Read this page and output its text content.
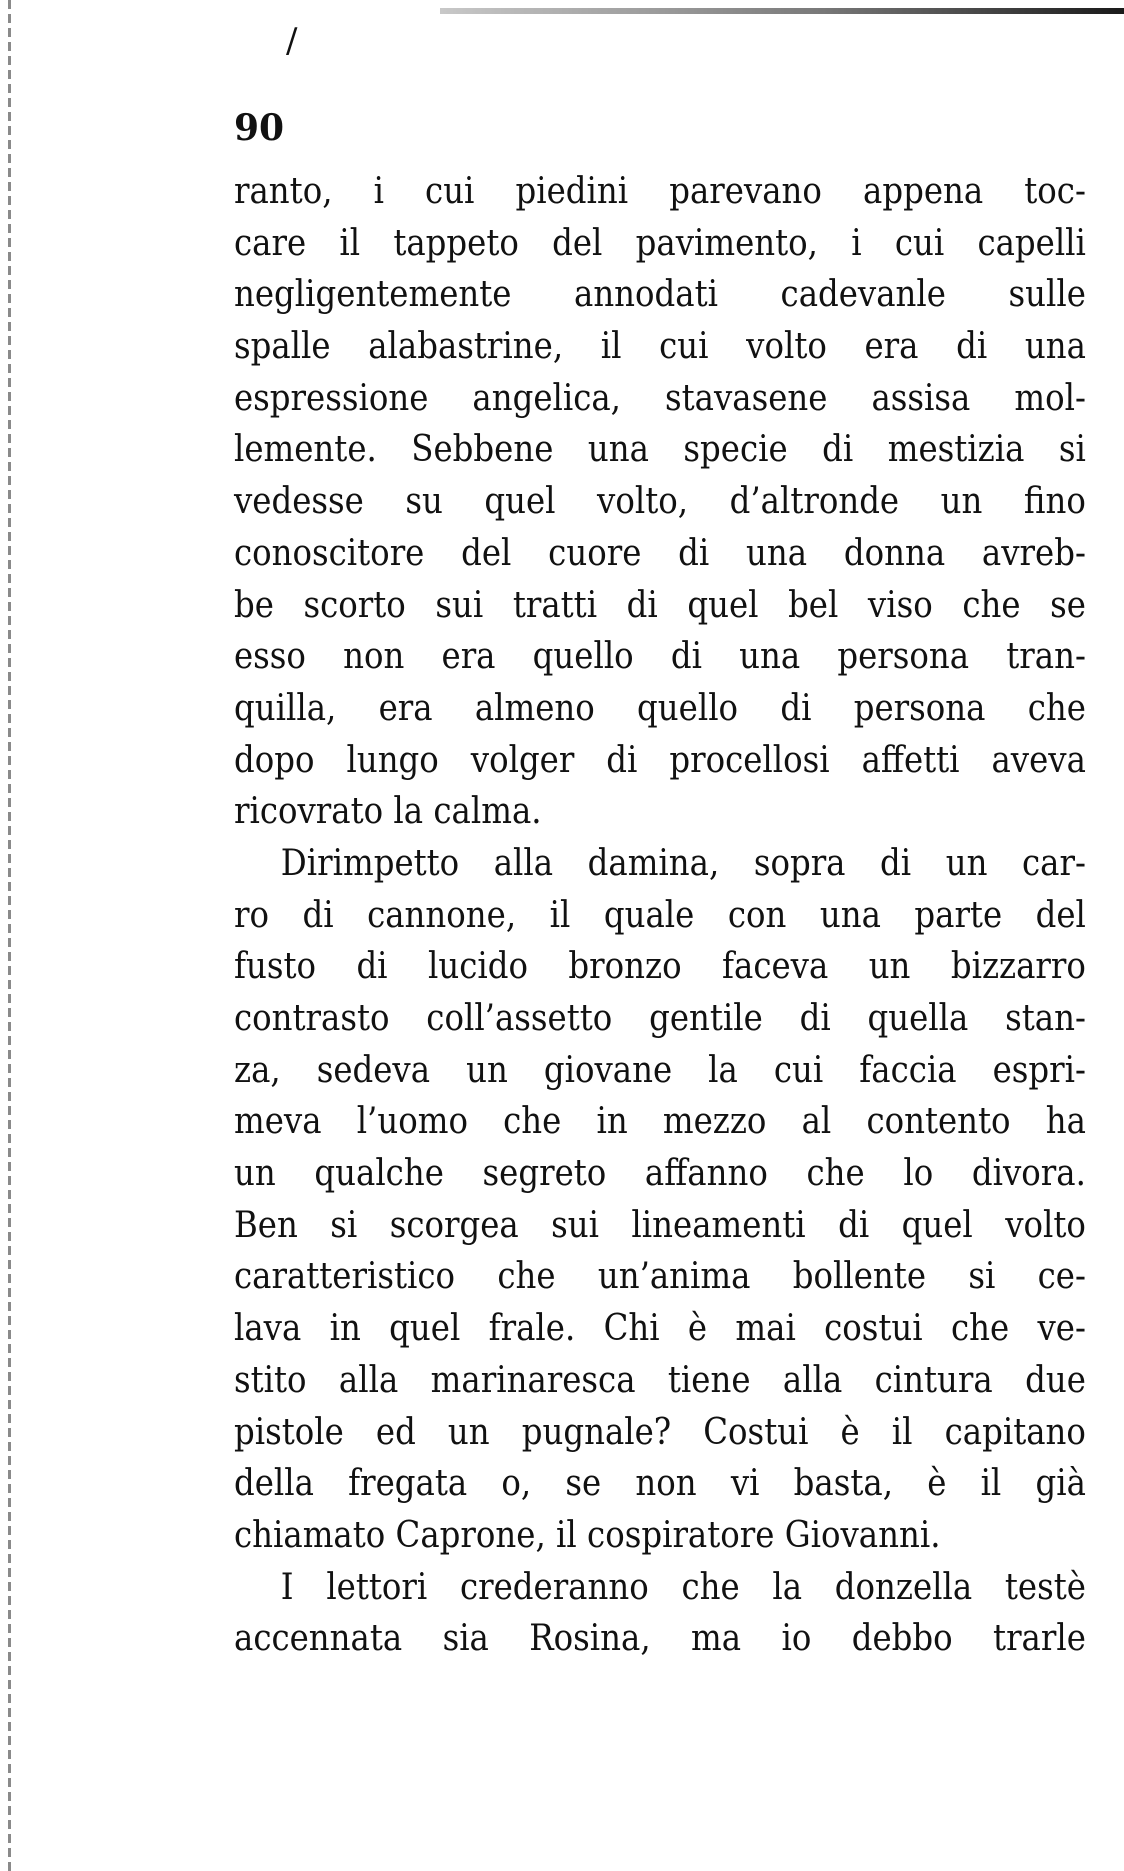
/
90
ranto, i cui piedini parevano appena toc-
care il tappeto del pavimento, i cui capelli
negligentemente annodati cadevanle sulle
spalle alabastrine, il cui volto era di una
espressione angelica, stavasene assisa mol-
lemente. Sebbene una specie di mestizia si
vedesse su quel volto, d’altronde un fino
conoscitore del cuore di una donna avreb-
be scorto sui tratti di quel bel viso che se
esso non era quello di una persona tran-
quilla, era almeno quello di persona che
dopo lungo volger di procellosi affetti aveva
ricovrato la calma.
Dirimpetto alla damina, sopra di un car-
ro di cannone, il quale con una parte del
fusto di lucido bronzo faceva un bizzarro
contrasto coll’assetto gentile di quella stan-
za, sedeva un giovane la cui faccia espri-
meva l’uomo che in mezzo al contento ha
un qualche segreto affanno che lo divora.
Ben si scorgea sui lineamenti di quel volto
caratteristico che un’anima bollente si ce-
lava in quel frale. Chi è mai costui che ve-
stito alla marinaresca tiene alla cintura due
pistole ed un pugnale? Costui è il capitano
della fregata o, se non vi basta, è il già
chiamato Caprone, il cospiratore Giovanni.
I lettori crederanno che la donzella testè
accennata sia Rosina, ma io debbo trarle
